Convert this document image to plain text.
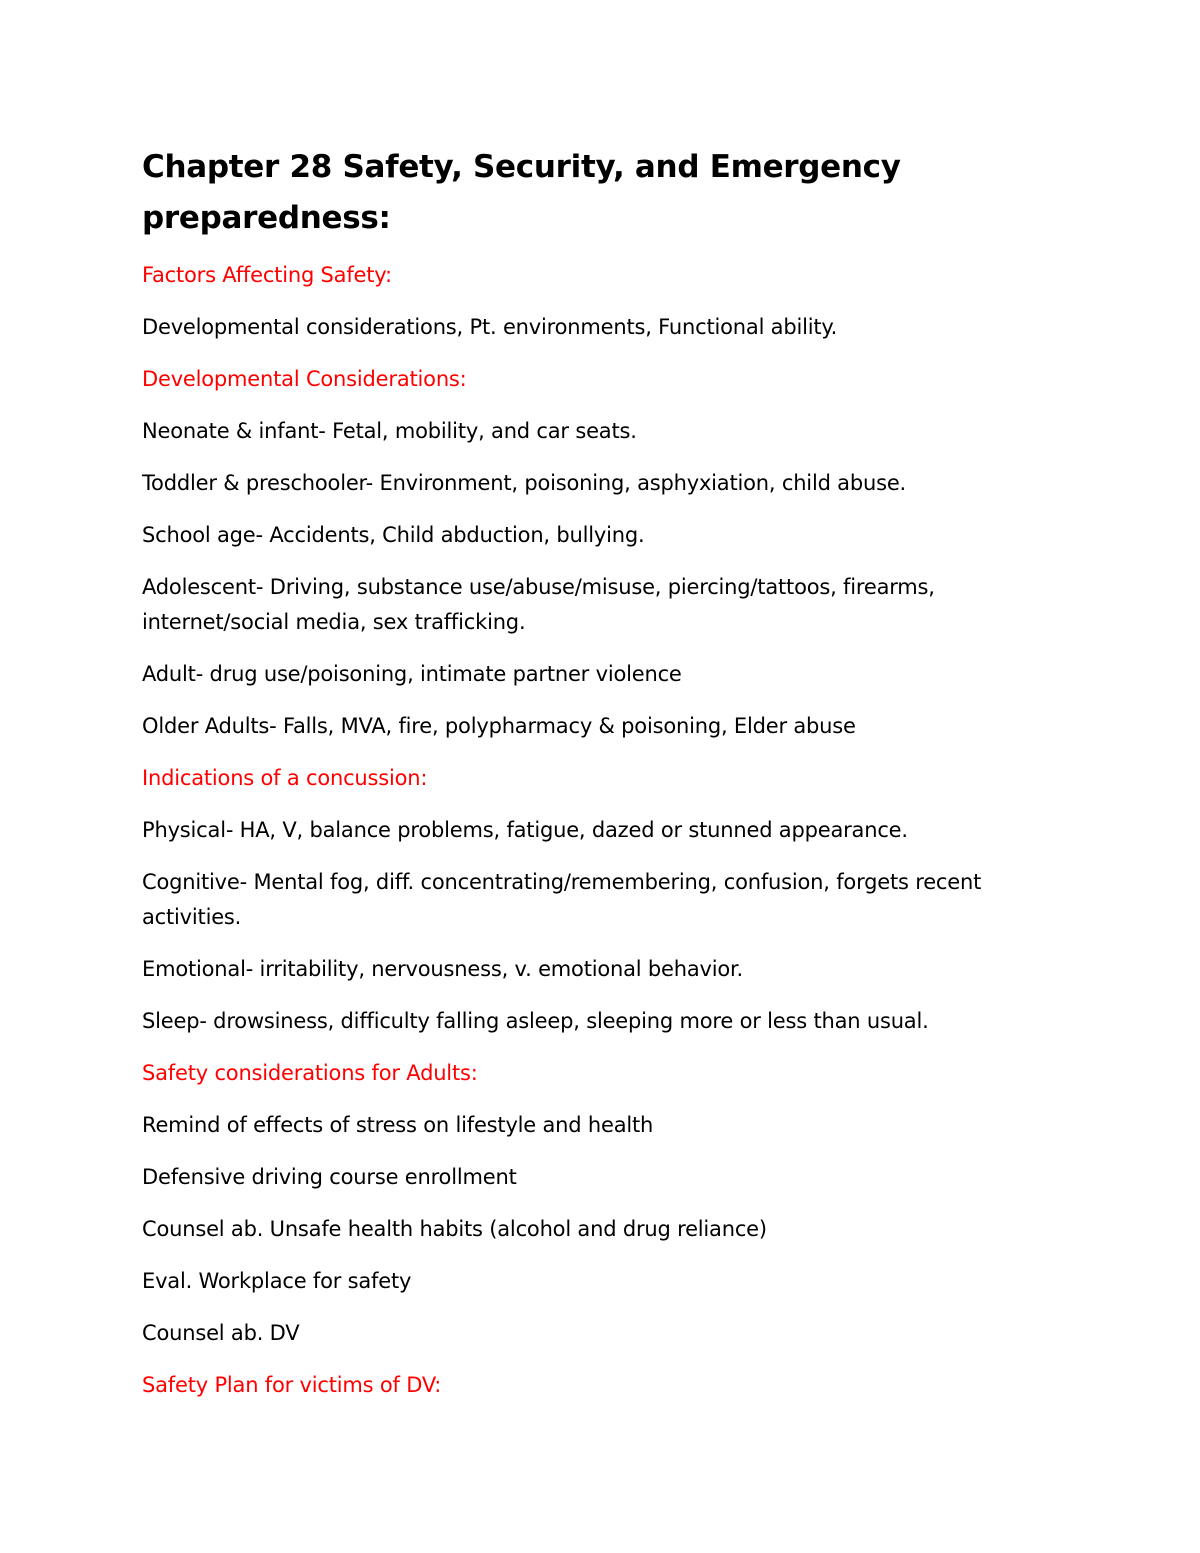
Chapter 28 Safety, Security, and Emergency preparedness:

Factors Affecting Safety:

Developmental considerations, Pt. environments, Functional ability.

Developmental Considerations:

Neonate & infant- Fetal, mobility, and car seats.

Toddler & preschooler- Environment, poisoning, asphyxiation, child abuse.

School age- Accidents, Child abduction, bullying.

Adolescent- Driving, substance use/abuse/misuse, piercing/tattoos, firearms, internet/social media, sex trafficking.

Adult- drug use/poisoning, intimate partner violence

Older Adults- Falls, MVA, fire, polypharmacy & poisoning, Elder abuse

Indications of a concussion:

Physical- HA, V, balance problems, fatigue, dazed or stunned appearance.

Cognitive- Mental fog, diff. concentrating/remembering, confusion, forgets recent activities.

Emotional- irritability, nervousness, v. emotional behavior.

Sleep- drowsiness, difficulty falling asleep, sleeping more or less than usual.

Safety considerations for Adults:

Remind of effects of stress on lifestyle and health

Defensive driving course enrollment

Counsel ab. Unsafe health habits (alcohol and drug reliance)

Eval. Workplace for safety

Counsel ab. DV

Safety Plan for victims of DV:
